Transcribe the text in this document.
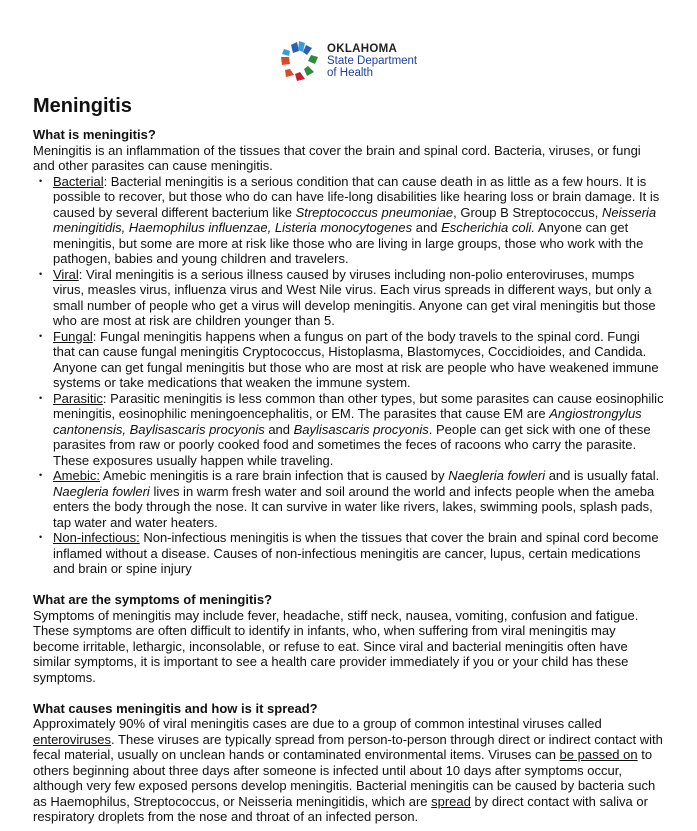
OKLAHOMA
State Department
of Health
Meningitis
What is meningitis?

Meningitis is an inflammation of the tissues that cover the brain and spinal cord. Bacteria, viruses, or fungi and other parasites can cause meningitis.

• Bacterial: Bacterial meningitis is a serious condition that can cause death in as little as a few hours. It is possible to recover, but those who do can have life-long disabilities like hearing loss or brain damage. It is caused by several different bacterium like Streptococcus pneumoniae, Group B Streptococcus, Neisseria meningitidis, Haemophilus influenzae, Listeria monocytogenes and Escherichia coli. Anyone can get meningitis, but some are more at risk like those who are living in large groups, those who work with the pathogen, babies and young children and travelers.
• Viral: Viral meningitis is a serious illness caused by viruses including non-polio enteroviruses, mumps virus, measles virus, influenza virus and West Nile virus. Each virus spreads in different ways, but only a small number of people who get a virus will develop meningitis. Anyone can get viral meningitis but those who are most at risk are children younger than 5.
• Fungal: Fungal meningitis happens when a fungus on part of the body travels to the spinal cord. Fungi that can cause fungal meningitis Cryptococcus, Histoplasma, Blastomyces, Coccidioides, and Candida. Anyone can get fungal meningitis but those who are most at risk are people who have weakened immune systems or take medications that weaken the immune system.
• Parasitic: Parasitic meningitis is less common than other types, but some parasites can cause eosinophilic meningitis, eosinophilic meningoencephalitis, or EM. The parasites that cause EM are Angiostrongylus cantonensis, Baylisascaris procyonis and Baylisascaris procyonis. People can get sick with one of these parasites from raw or poorly cooked food and sometimes the feces of racoons who carry the parasite. These exposures usually happen while traveling.
• Amebic: Amebic meningitis is a rare brain infection that is caused by Naegleria fowleri and is usually fatal. Naegleria fowleri lives in warm fresh water and soil around the world and infects people when the ameba enters the body through the nose. It can survive in water like rivers, lakes, swimming pools, splash pads, tap water and water heaters.
• Non-infectious: Non-infectious meningitis is when the tissues that cover the brain and spinal cord become inflamed without a disease. Causes of non-infectious meningitis are cancer, lupus, certain medications and brain or spine injury
What are the symptoms of meningitis?

Symptoms of meningitis may include fever, headache, stiff neck, nausea, vomiting, confusion and fatigue. These symptoms are often difficult to identify in infants, who, when suffering from viral meningitis may become irritable, lethargic, inconsolable, or refuse to eat. Since viral and bacterial meningitis often have similar symptoms, it is important to see a health care provider immediately if you or your child has these symptoms.

What causes meningitis and how is it spread?

Approximately 90% of viral meningitis cases are due to a group of common intestinal viruses called enteroviruses. These viruses are typically spread from person-to-person through direct or indirect contact with fecal material, usually on unclean hands or contaminated environmental items. Viruses can be passed on to others beginning about three days after someone is infected until about 10 days after symptoms occur, although very few exposed persons develop meningitis. Bacterial meningitis can be caused by bacteria such as Haemophilus, Streptococcus, or Neisseria meningitidis, which are spread by direct contact with saliva or respiratory droplets from the nose and throat of an infected person.
